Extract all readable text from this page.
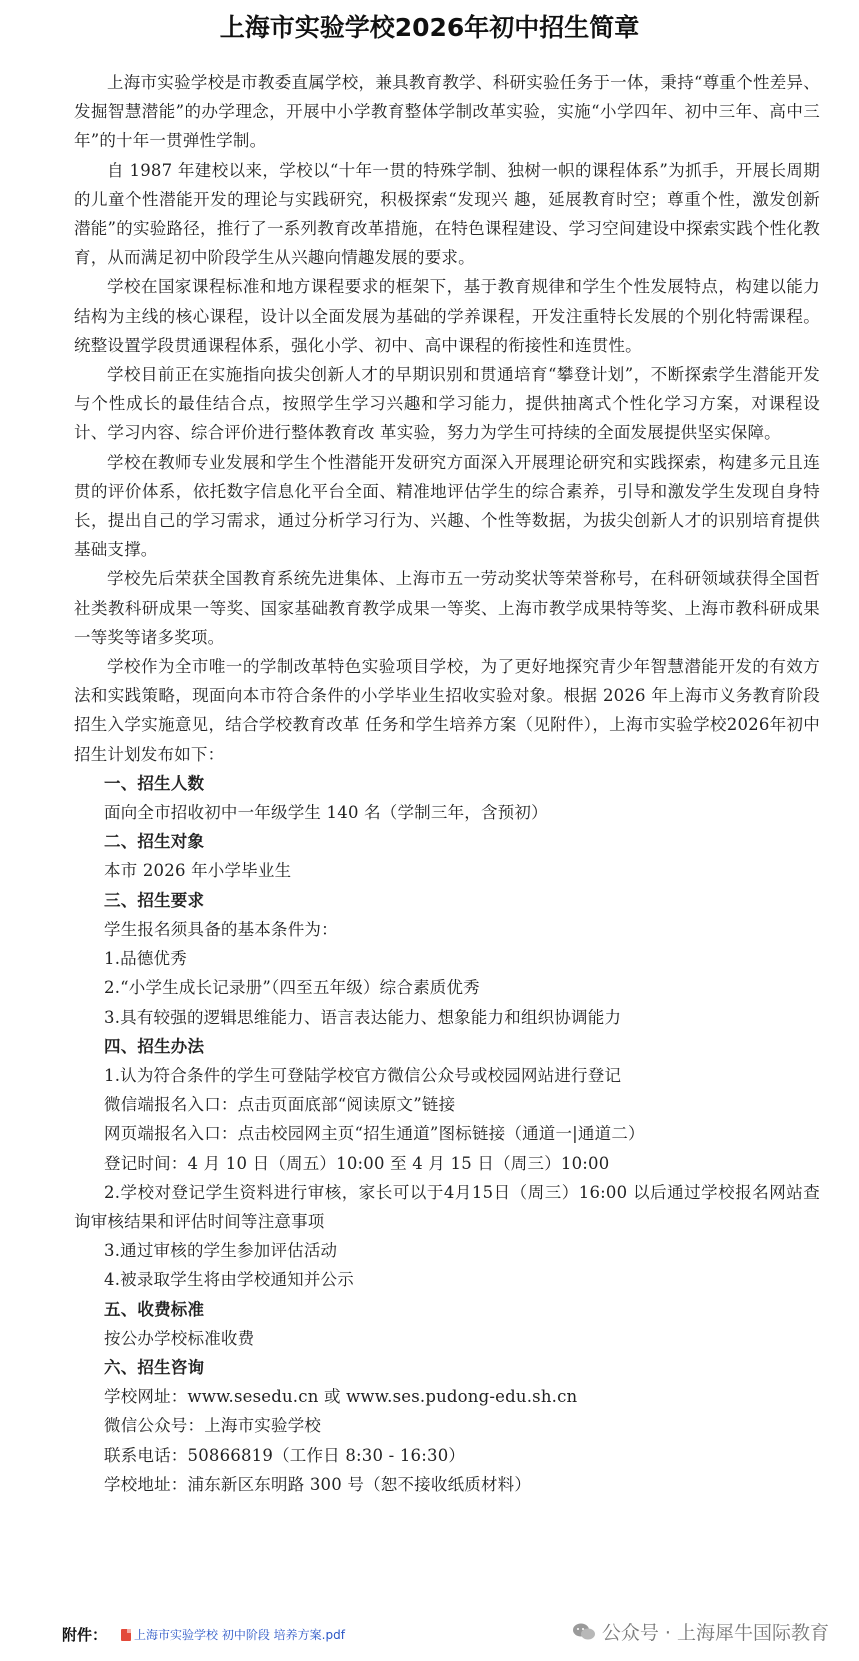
上海市实验学校2026年初中招生简章

上海市实验学校是市教委直属学校，兼具教育教学、科研实验任务于一体，秉持“尊重个性差异、发掘智慧潜能”的办学理念，开展中小学教育整体学制改革实验，实施“小学四年、初中三年、高中三年”的十年一贯弹性学制。

自 1987 年建校以来，学校以“十年一贯的特殊学制、独树一帜的课程体系”为抓手，开展长周期的儿童个性潜能开发的理论与实践研究，积极探索“发现兴 趣，延展教育时空；尊重个性，激发创新潜能”的实验路径，推行了一系列教育改革措施，在特色课程建设、学习空间建设中探索实践个性化教育，从而满足初中阶段学生从兴趣向情趣发展的要求。

学校在国家课程标准和地方课程要求的框架下，基于教育规律和学生个性发展特点，构建以能力结构为主线的核心课程，设计以全面发展为基础的学养课程，开发注重特长发展的个别化特需课程。统整设置学段贯通课程体系，强化小学、初中、高中课程的衔接性和连贯性。

学校目前正在实施指向拔尖创新人才的早期识别和贯通培育“攀登计划”，不断探索学生潜能开发与个性成长的最佳结合点，按照学生学习兴趣和学习能力，提供抽离式个性化学习方案，对课程设计、学习内容、综合评价进行整体教育改 革实验，努力为学生可持续的全面发展提供坚实保障。

学校在教师专业发展和学生个性潜能开发研究方面深入开展理论研究和实践探索，构建多元且连贯的评价体系，依托数字信息化平台全面、精准地评估学生的综合素养，引导和激发学生发现自身特长，提出自己的学习需求，通过分析学习行为、兴趣、个性等数据，为拔尖创新人才的识别培育提供基础支撑。

学校先后荣获全国教育系统先进集体、上海市五一劳动奖状等荣誉称号，在科研领域获得全国哲社类教科研成果一等奖、国家基础教育教学成果一等奖、上海市教学成果特等奖、上海市教科研成果一等奖等诸多奖项。

学校作为全市唯一的学制改革特色实验项目学校，为了更好地探究青少年智慧潜能开发的有效方法和实践策略，现面向本市符合条件的小学毕业生招收实验对象。根据 2026 年上海市义务教育阶段招生入学实施意见，结合学校教育改革 任务和学生培养方案（见附件），上海市实验学校2026年初中招生计划发布如下：

一、招生人数

面向全市招收初中一年级学生 140 名（学制三年，含预初）

二、招生对象

本市 2026 年小学毕业生

三、招生要求

学生报名须具备的基本条件为：

1.品德优秀

2.“小学生成长记录册”（四至五年级）综合素质优秀

3.具有较强的逻辑思维能力、语言表达能力、想象能力和组织协调能力

四、招生办法

1.认为符合条件的学生可登陆学校官方微信公众号或校园网站进行登记

微信端报名入口：点击页面底部“阅读原文”链接

网页端报名入口：点击校园网主页“招生通道”图标链接（通道一|通道二）

登记时间：4 月 10 日（周五）10:00 至 4 月 15 日（周三）10:00

2.学校对登记学生资料进行审核，家长可以于4月15日（周三）16:00 以后通过学校报名网站查询审核结果和评估时间等注意事项

3.通过审核的学生参加评估活动

4.被录取学生将由学校通知并公示

五、收费标准

按公办学校标准收费

六、招生咨询

学校网址：www.sesedu.cn 或 www.ses.pudong-edu.sh.cn

微信公众号：上海市实验学校

联系电话：50866819（工作日 8:30 - 16:30）

学校地址：浦东新区东明路 300 号（恕不接收纸质材料）

附件： 上海市实验学校 初中阶段 培养方案.pdf	公众号 · 上海犀牛国际教育
